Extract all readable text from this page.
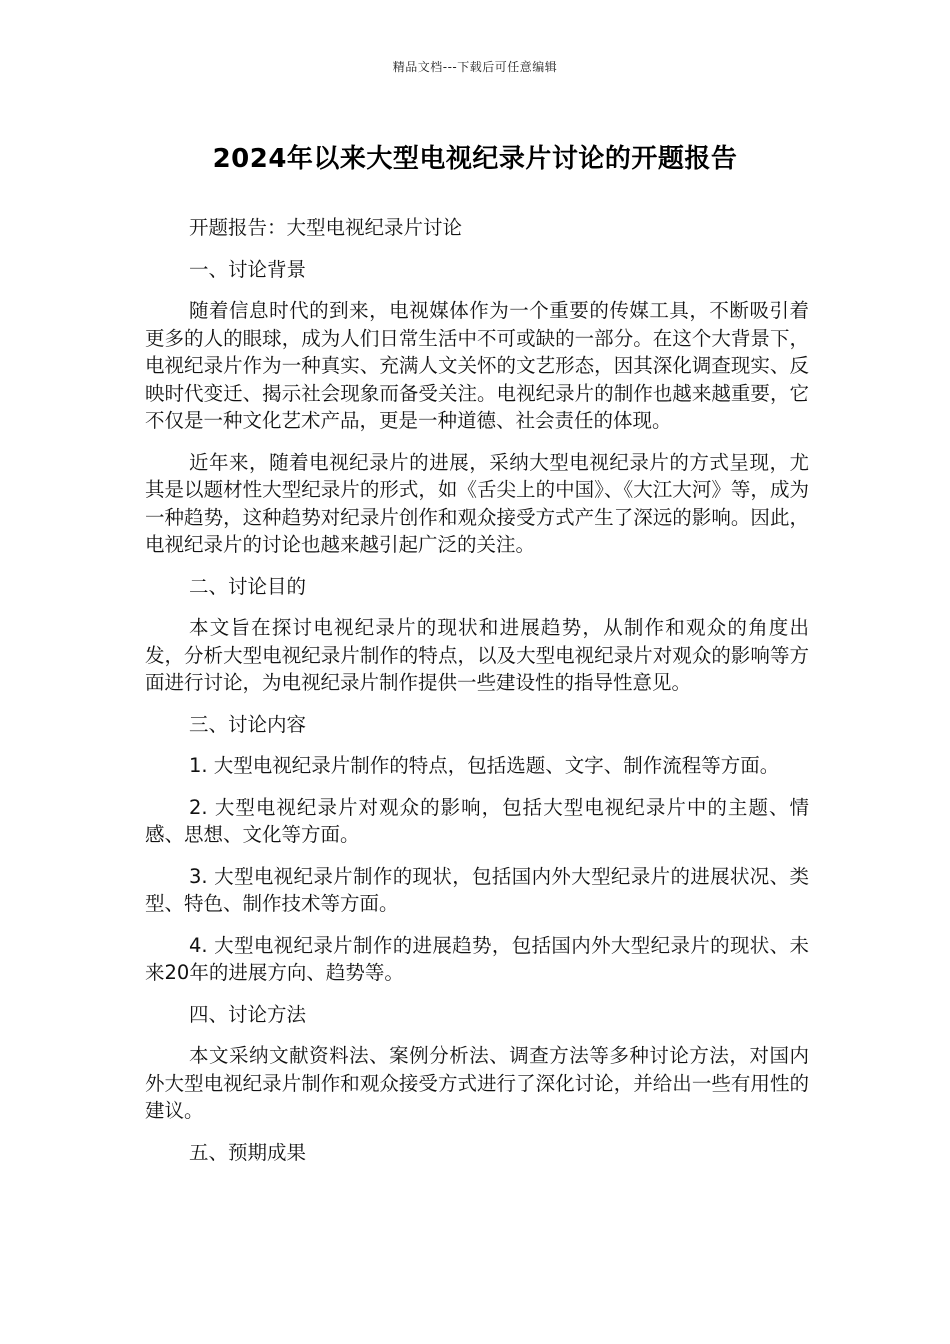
精品文档---下载后可任意编辑
2024年以来大型电视纪录片讨论的开题报告

开题报告：大型电视纪录片讨论

一、讨论背景

随着信息时代的到来，电视媒体作为一个重要的传媒工具，不断吸引着更多的人的眼球，成为人们日常生活中不可或缺的一部分。在这个大背景下，电视纪录片作为一种真实、充满人文关怀的文艺形态，因其深化调查现实、反映时代变迁、揭示社会现象而备受关注。电视纪录片的制作也越来越重要，它不仅是一种文化艺术产品，更是一种道德、社会责任的体现。

近年来，随着电视纪录片的进展，采纳大型电视纪录片的方式呈现，尤其是以题材性大型纪录片的形式，如《舌尖上的中国》、《大江大河》等，成为一种趋势，这种趋势对纪录片创作和观众接受方式产生了深远的影响。因此，电视纪录片的讨论也越来越引起广泛的关注。

二、讨论目的

本文旨在探讨电视纪录片的现状和进展趋势，从制作和观众的角度出发，分析大型电视纪录片制作的特点，以及大型电视纪录片对观众的影响等方面进行讨论，为电视纪录片制作提供一些建设性的指导性意见。

三、讨论内容

1. 大型电视纪录片制作的特点，包括选题、文字、制作流程等方面。

2. 大型电视纪录片对观众的影响，包括大型电视纪录片中的主题、情感、思想、文化等方面。

3. 大型电视纪录片制作的现状，包括国内外大型纪录片的进展状况、类型、特色、制作技术等方面。

4. 大型电视纪录片制作的进展趋势，包括国内外大型纪录片的现状、未来20年的进展方向、趋势等。

四、讨论方法

本文采纳文献资料法、案例分析法、调查方法等多种讨论方法，对国内外大型电视纪录片制作和观众接受方式进行了深化讨论，并给出一些有用性的建议。

五、预期成果
